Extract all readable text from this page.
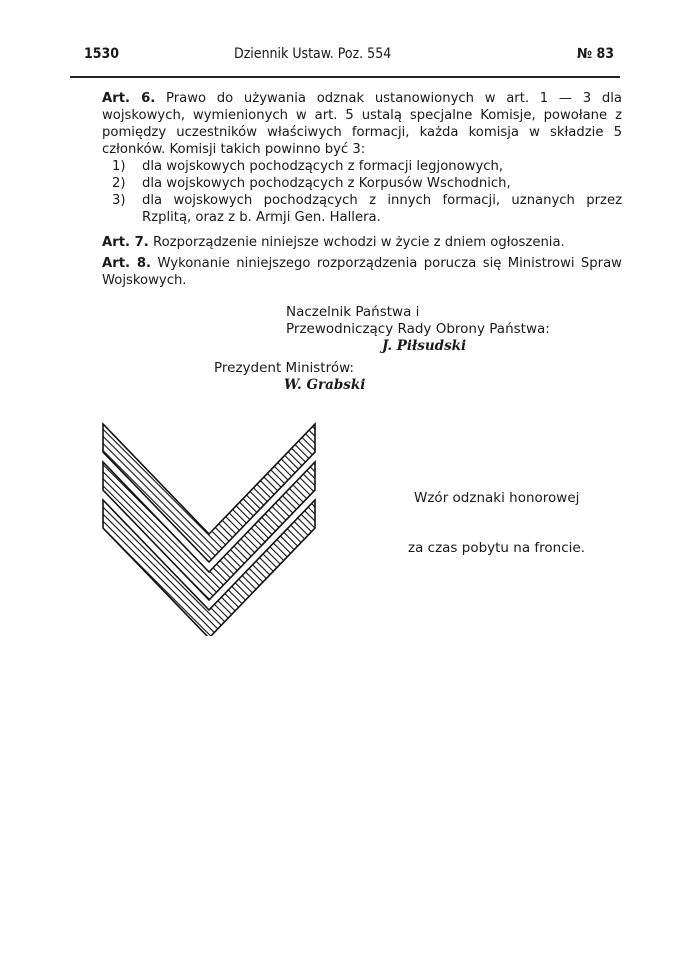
1530	Dziennik Ustaw. Poz. 554	№ 83

Art. 6. Prawo do używania odznak ustanowionych w art. 1 — 3 dla wojskowych, wymienionych w art. 5 ustalą specjalne Komisje, powołane z pomiędzy uczestników właściwych formacji, każda komisja w składzie 5 członków. Komisji takich powinno być 3:

1) dla wojskowych pochodzących z formacji legjonowych,
2) dla wojskowych pochodzących z Korpusów Wschodnich,
3) dla wojskowych pochodzących z innych formacji, uznanych przez Rzplitą, oraz z b. Armji Gen. Hallera.

Art. 7. Rozporządzenie niniejsze wchodzi w życie z dniem ogłoszenia.

Art. 8. Wykonanie niniejszego rozporządzenia porucza się Ministrowi Spraw Wojskowych.

Naczelnik Państwa i
Przewodniczący Rady Obrony Państwa:
J. Piłsudski
Prezydent Ministrów:
W. Grabski
Wzór odznaki honorowej
za czas pobytu na froncie.
